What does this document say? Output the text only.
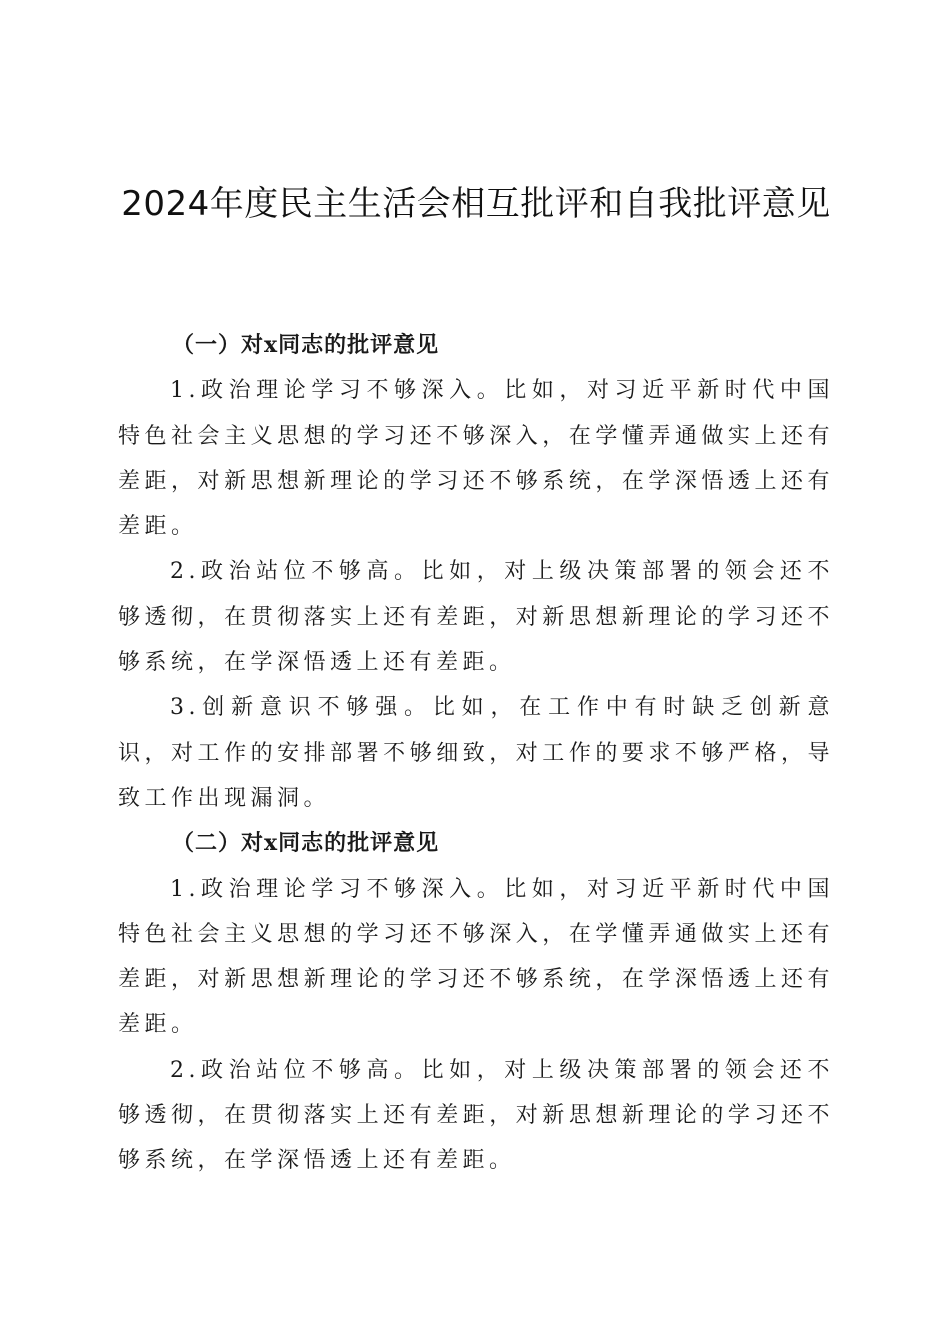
2024年度民主生活会相互批评和自我批评意见

（一）对x同志的批评意见

1.政治理论学习不够深入。比如，对习近平新时代中国特色社会主义思想的学习还不够深入，在学懂弄通做实上还有差距，对新思想新理论的学习还不够系统，在学深悟透上还有差距。

2.政治站位不够高。比如，对上级决策部署的领会还不够透彻，在贯彻落实上还有差距，对新思想新理论的学习还不够系统，在学深悟透上还有差距。

3.创新意识不够强。比如，在工作中有时缺乏创新意识，对工作的安排部署不够细致，对工作的要求不够严格，导致工作出现漏洞。

（二）对x同志的批评意见

1.政治理论学习不够深入。比如，对习近平新时代中国特色社会主义思想的学习还不够深入，在学懂弄通做实上还有差距，对新思想新理论的学习还不够系统，在学深悟透上还有差距。

2.政治站位不够高。比如，对上级决策部署的领会还不够透彻，在贯彻落实上还有差距，对新思想新理论的学习还不够系统，在学深悟透上还有差距。
